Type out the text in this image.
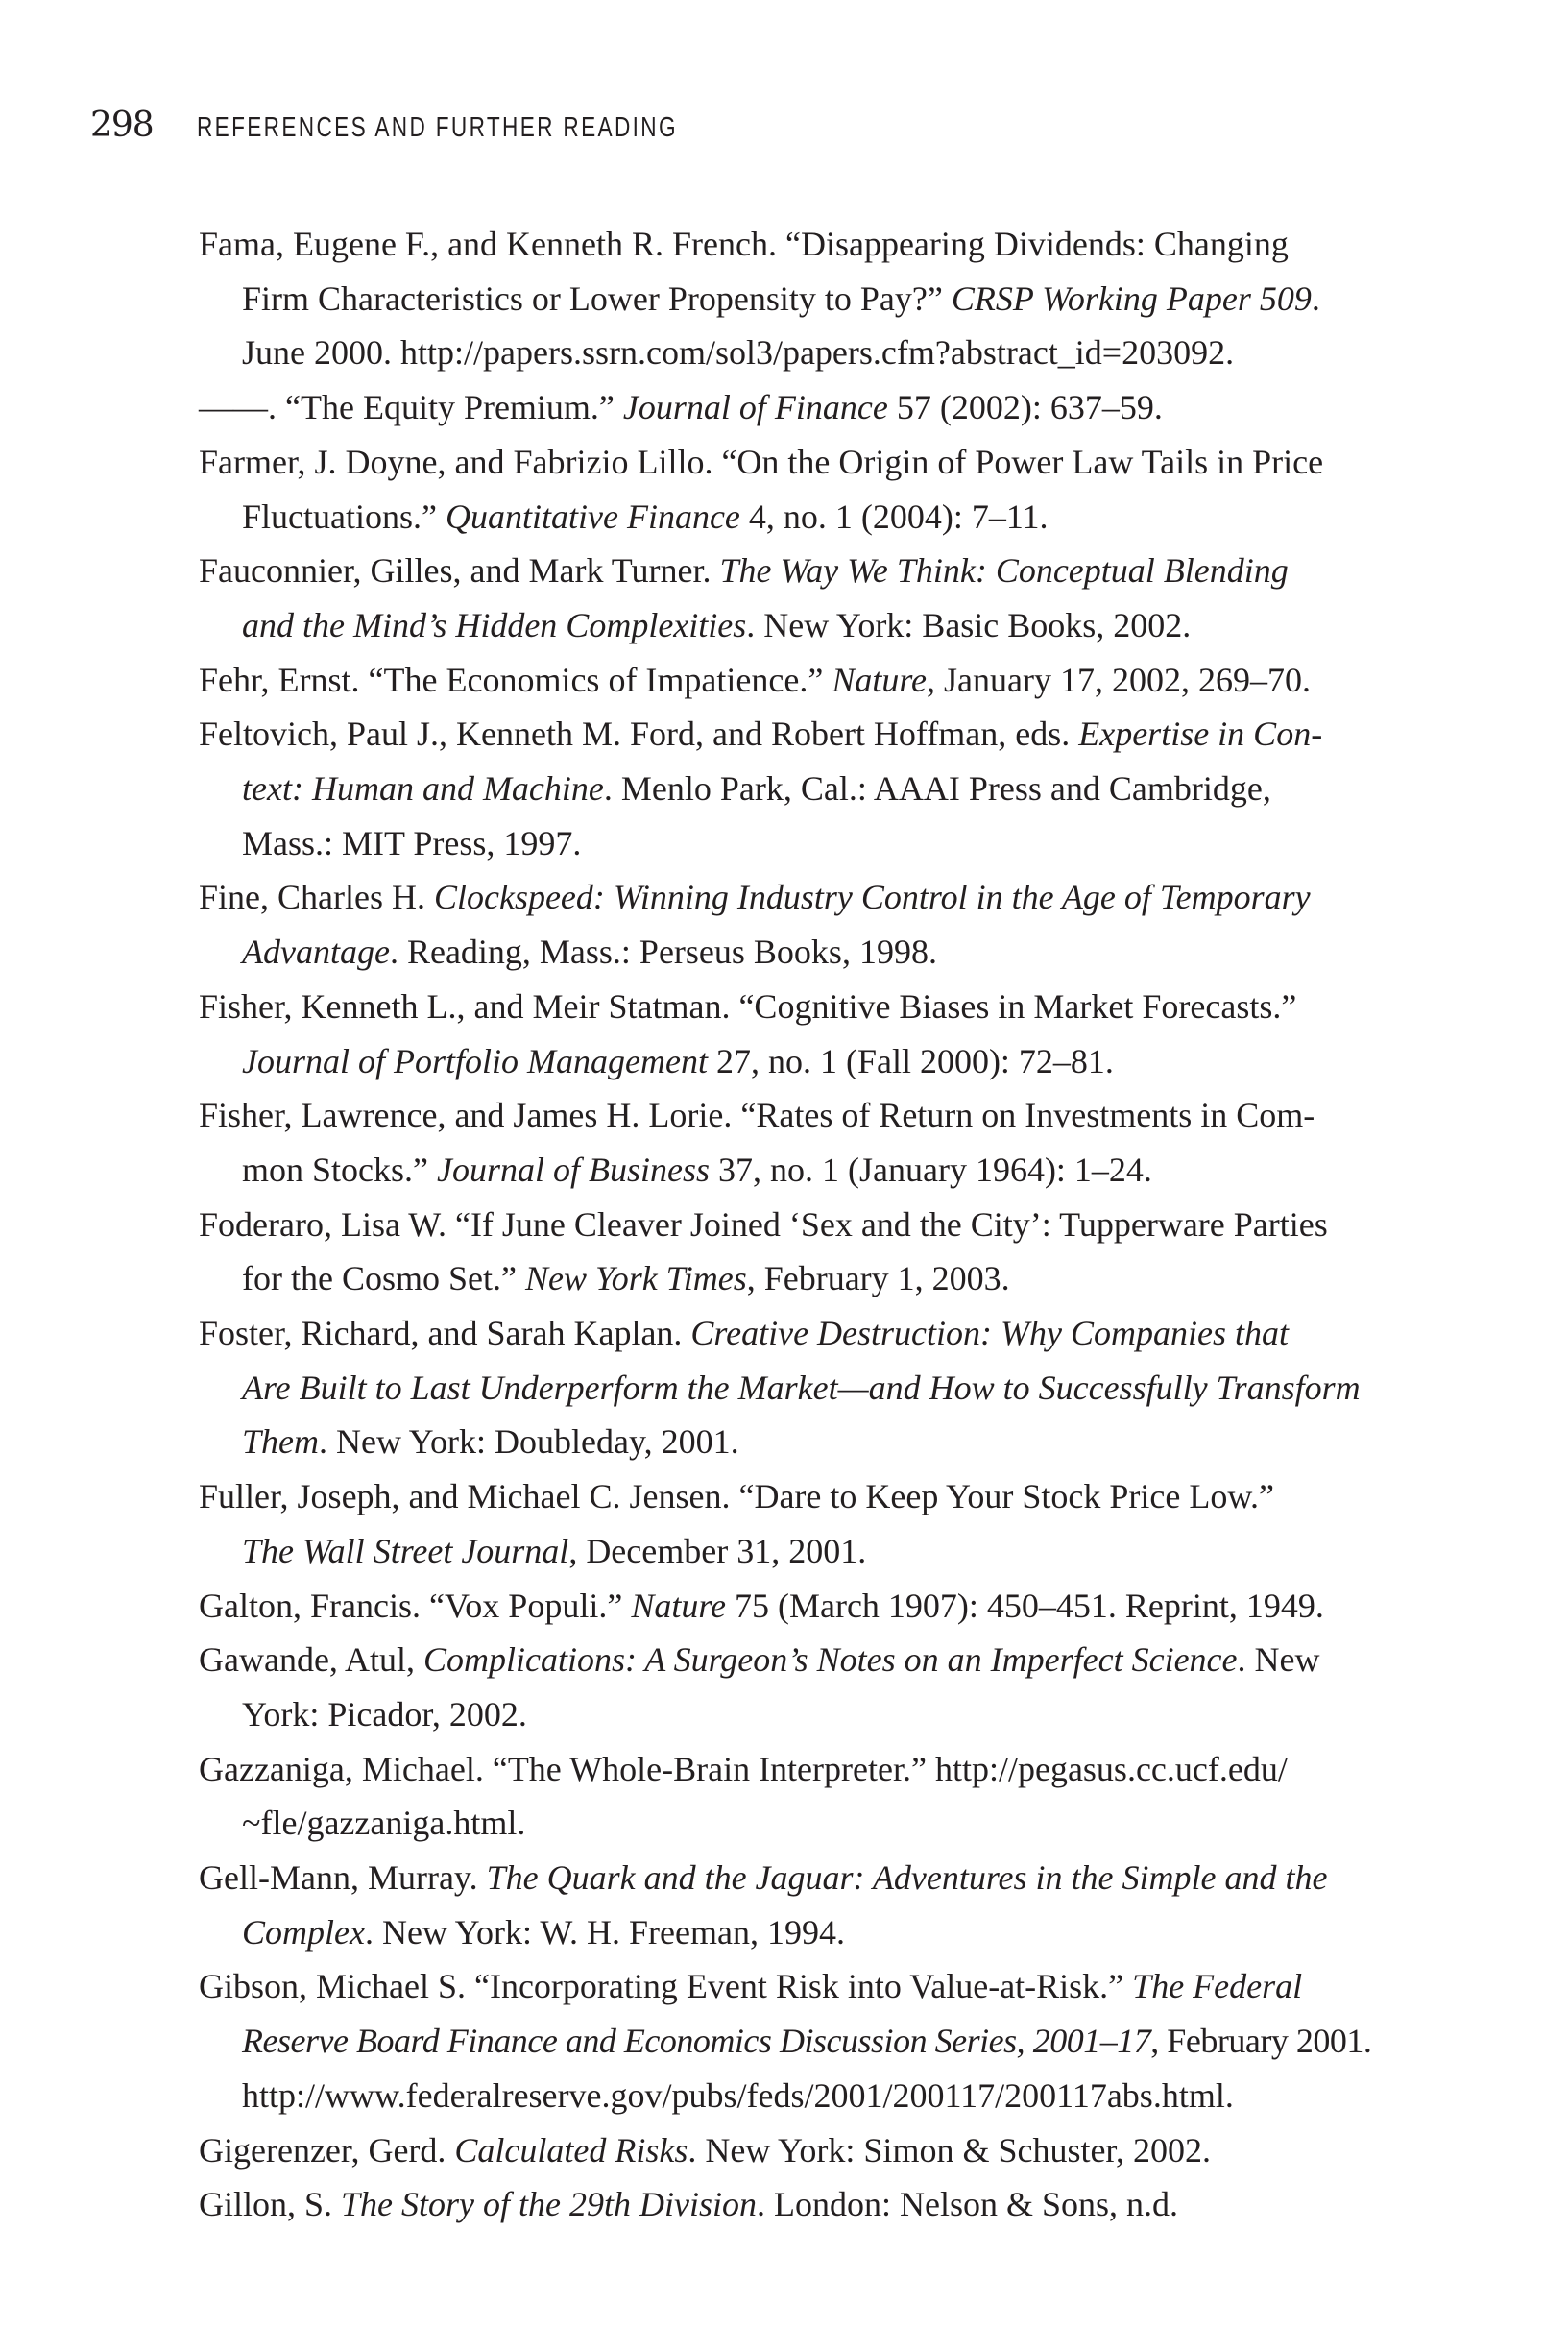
298 REFERENCES AND FURTHER READING
Fama, Eugene F., and Kenneth R. French. “Disappearing Dividends: Changing
Firm Characteristics or Lower Propensity to Pay?” CRSP Working Paper 509.
June 2000. http://papers.ssrn.com/sol3/papers.cfm?abstract_id=203092.
——. “The Equity Premium.” Journal of Finance 57 (2002): 637–59.
Farmer, J. Doyne, and Fabrizio Lillo. “On the Origin of Power Law Tails in Price
Fluctuations.” Quantitative Finance 4, no. 1 (2004): 7–11.
Fauconnier, Gilles, and Mark Turner. The Way We Think: Conceptual Blending
and the Mind’s Hidden Complexities. New York: Basic Books, 2002.
Fehr, Ernst. “The Economics of Impatience.” Nature, January 17, 2002, 269–70.
Feltovich, Paul J., Kenneth M. Ford, and Robert Hoffman, eds. Expertise in Con-
text: Human and Machine. Menlo Park, Cal.: AAAI Press and Cambridge,
Mass.: MIT Press, 1997.
Fine, Charles H. Clockspeed: Winning Industry Control in the Age of Temporary
Advantage. Reading, Mass.: Perseus Books, 1998.
Fisher, Kenneth L., and Meir Statman. “Cognitive Biases in Market Forecasts.”
Journal of Portfolio Management 27, no. 1 (Fall 2000): 72–81.
Fisher, Lawrence, and James H. Lorie. “Rates of Return on Investments in Com-
mon Stocks.” Journal of Business 37, no. 1 (January 1964): 1–24.
Foderaro, Lisa W. “If June Cleaver Joined ‘Sex and the City’: Tupperware Parties
for the Cosmo Set.” New York Times, February 1, 2003.
Foster, Richard, and Sarah Kaplan. Creative Destruction: Why Companies that
Are Built to Last Underperform the Market—and How to Successfully Transform
Them. New York: Doubleday, 2001.
Fuller, Joseph, and Michael C. Jensen. “Dare to Keep Your Stock Price Low.”
The Wall Street Journal, December 31, 2001.
Galton, Francis. “Vox Populi.” Nature 75 (March 1907): 450–451. Reprint, 1949.
Gawande, Atul, Complications: A Surgeon’s Notes on an Imperfect Science. New
York: Picador, 2002.
Gazzaniga, Michael. “The Whole-Brain Interpreter.” http://pegasus.cc.ucf.edu/
~fle/gazzaniga.html.
Gell-Mann, Murray. The Quark and the Jaguar: Adventures in the Simple and the
Complex. New York: W. H. Freeman, 1994.
Gibson, Michael S. “Incorporating Event Risk into Value-at-Risk.” The Federal
Reserve Board Finance and Economics Discussion Series, 2001–17, February 2001.
http://www.federalreserve.gov/pubs/feds/2001/200117/200117abs.html.
Gigerenzer, Gerd. Calculated Risks. New York: Simon & Schuster, 2002.
Gillon, S. The Story of the 29th Division. London: Nelson & Sons, n.d.
